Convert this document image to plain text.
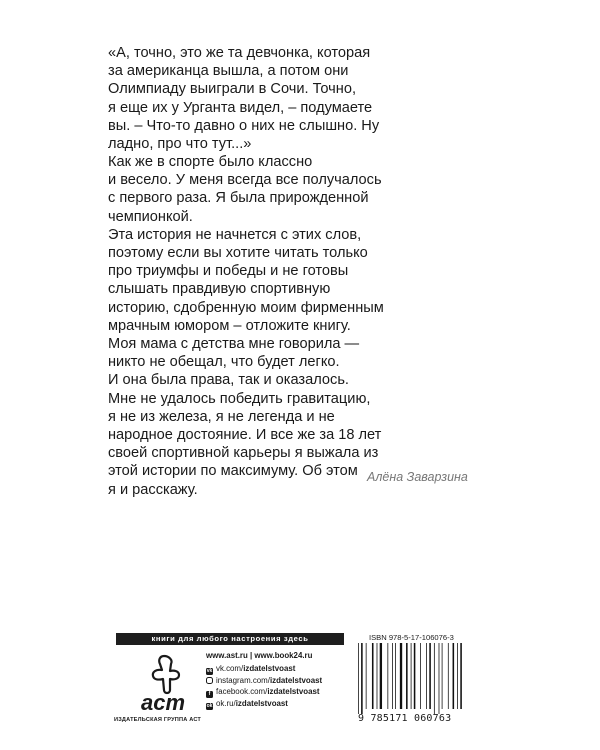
«А, точно, это же та девчонка, которая
за американца вышла, а потом они
Олимпиаду выиграли в Сочи. Точно,
я еще их у Урганта видел, – подумаете
вы. – Что-то давно о них не слышно. Ну
ладно, про что тут...»
Как же в спорте было классно
и весело. У меня всегда все получалось
с первого раза. Я была прирожденной
чемпионкой.
Эта история не начнется с этих слов,
поэтому если вы хотите читать только
про триумфы и победы и не готовы
слышать правдивую спортивную
историю, сдобренную моим фирменным
мрачным юмором – отложите книгу.
Моя мама с детства мне говорила —
никто не обещал, что будет легко.
И она была права, так и оказалось.
Мне не удалось победить гравитацию,
я не из железа, я не легенда и не
народное достояние. И все же за 18 лет
своей спортивной карьеры я выжала из
этой истории по максимуму. Об этом
я и расскажу.
Алёна Заварзина
книги для любого настроения здесь
аст
ИЗДАТЕЛЬСКАЯ ГРУППА АСТ
www.ast.ru | www.book24.ru
vk vk.com/izdatelstvoast
instagram.com/izdatelstvoast
f facebook.com/izdatelstvoast
ok ok.ru/izdatelstvoast
ISBN 978-5-17-106076-3
9 785171 060763
